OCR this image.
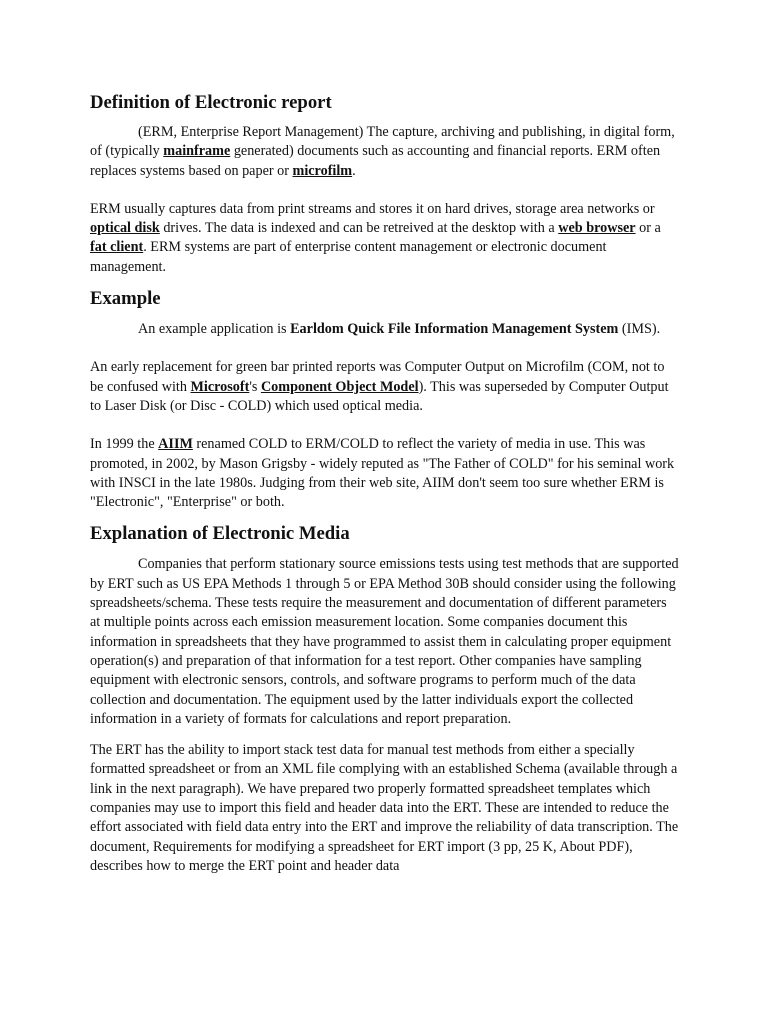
Definition of Electronic report

(ERM, Enterprise Report Management) The capture, archiving and publishing, in digital form, of (typically mainframe generated) documents such as accounting and financial reports. ERM often replaces systems based on paper or microfilm.

ERM usually captures data from print streams and stores it on hard drives, storage area networks or optical disk drives. The data is indexed and can be retreived at the desktop with a web browser or a fat client. ERM systems are part of enterprise content management or electronic document management.

Example

An example application is Earldom Quick File Information Management System (IMS).

An early replacement for green bar printed reports was Computer Output on Microfilm (COM, not to be confused with Microsoft's Component Object Model). This was superseded by Computer Output to Laser Disk (or Disc - COLD) which used optical media.

In 1999 the AIIM renamed COLD to ERM/COLD to reflect the variety of media in use. This was promoted, in 2002, by Mason Grigsby - widely reputed as "The Father of COLD" for his seminal work with INSCI in the late 1980s. Judging from their web site, AIIM don't seem too sure whether ERM is "Electronic", "Enterprise" or both.

Explanation of Electronic Media

Companies that perform stationary source emissions tests using test methods that are supported by ERT such as US EPA Methods 1 through 5 or EPA Method 30B should consider using the following spreadsheets/schema. These tests require the measurement and documentation of different parameters at multiple points across each emission measurement location. Some companies document this information in spreadsheets that they have programmed to assist them in calculating proper equipment operation(s) and preparation of that information for a test report. Other companies have sampling equipment with electronic sensors, controls, and software programs to perform much of the data collection and documentation. The equipment used by the latter individuals export the collected information in a variety of formats for calculations and report preparation.

The ERT has the ability to import stack test data for manual test methods from either a specially formatted spreadsheet or from an XML file complying with an established Schema (available through a link in the next paragraph). We have prepared two properly formatted spreadsheet templates which companies may use to import this field and header data into the ERT. These are intended to reduce the effort associated with field data entry into the ERT and improve the reliability of data transcription. The document, Requirements for modifying a spreadsheet for ERT import (3 pp, 25 K, About PDF), describes how to merge the ERT point and header data
